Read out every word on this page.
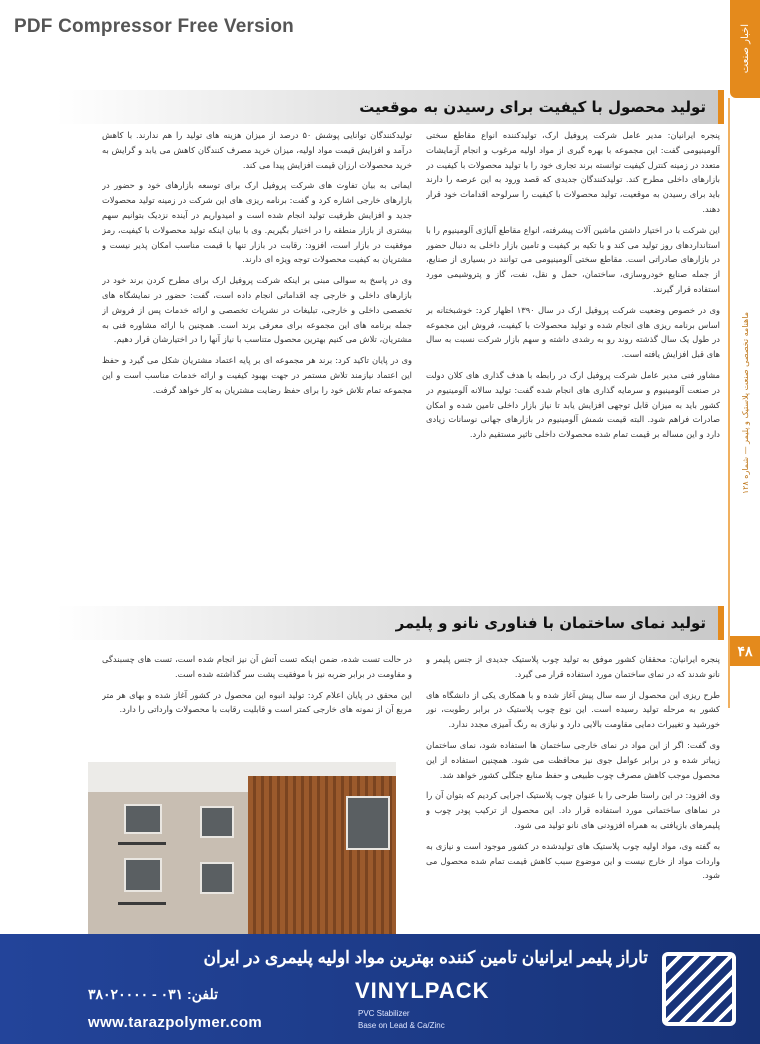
PDF Compressor Free Version	اخبار صنعت
ماهنامه تخصصی صنعت پلاستیک و پلیمر — شماره ۱۲۸
۴۸
تولید محصول با کیفیت برای رسیدن به موقعیت

پنجره ایرانیان: مدیر عامل شرکت پروفیل ارک، تولیدکننده انواع مقاطع سختی آلومینیومی گفت: این مجموعه با بهره گیری از مواد اولیه مرغوب و انجام آزمایشات متعدد در زمینه کنترل کیفیت توانسته برند تجاری خود را با تولید محصولات با کیفیت در بازارهای داخلی مطرح کند. تولیدکنندگان جدیدی که قصد ورود به این عرصه را دارند باید برای رسیدن به موقعیت، تولید محصولات با کیفیت را سرلوحه اقدامات خود قرار دهند.

این شرکت با در اختیار داشتن ماشین آلات پیشرفته، انواع مقاطع آلیاژی آلومینیوم را با استانداردهای روز تولید می کند و با تکیه بر کیفیت و تامین بازار داخلی به دنبال حضور در بازارهای صادراتی است. مقاطع سختی آلومینیومی می توانند در بسیاری از صنایع، از جمله صنایع خودروسازی، ساختمان، حمل و نقل، نفت، گاز و پتروشیمی مورد استفاده قرار گیرند.

وی در خصوص وضعیت شرکت پروفیل ارک در سال ۱۳۹۰ اظهار کرد: خوشبختانه بر اساس برنامه ریزی های انجام شده و تولید محصولات با کیفیت، فروش این مجموعه در طول یک سال گذشته روند رو به رشدی داشته و سهم بازار شرکت نسبت به سال های قبل افزایش یافته است.

مشاور فنی مدیر عامل شرکت پروفیل ارک در رابطه با هدف گذاری های کلان دولت در صنعت آلومینیوم و سرمایه گذاری های انجام شده گفت: تولید سالانه آلومینیوم در کشور باید به میزان قابل توجهی افزایش یابد تا نیاز بازار داخلی تامین شده و امکان صادرات فراهم شود. البته قیمت شمش آلومینیوم در بازارهای جهانی نوسانات زیادی دارد و این مساله بر قیمت تمام شده محصولات داخلی تاثیر مستقیم دارد.

تولیدکنندگان توانایی پوشش ۵۰ درصد از میزان هزینه های تولید را هم ندارند. با کاهش درآمد و افزایش قیمت مواد اولیه، میزان خرید مصرف کنندگان کاهش می یابد و گرایش به خرید محصولات ارزان قیمت افزایش پیدا می کند.

ایمانی به بیان تفاوت های شرکت پروفیل ارک برای توسعه بازارهای خود و حضور در بازارهای خارجی اشاره کرد و گفت: برنامه ریزی های این شرکت در زمینه تولید محصولات جدید و افزایش ظرفیت تولید انجام شده است و امیدواریم در آینده نزدیک بتوانیم سهم بیشتری از بازار منطقه را در اختیار بگیریم. وی با بیان اینکه تولید محصولات با کیفیت، رمز موفقیت در بازار است، افزود: رقابت در بازار تنها با قیمت مناسب امکان پذیر نیست و مشتریان به کیفیت محصولات توجه ویژه ای دارند.

وی در پاسخ به سوالی مبنی بر اینکه شرکت پروفیل ارک برای مطرح کردن برند خود در بازارهای داخلی و خارجی چه اقداماتی انجام داده است، گفت: حضور در نمایشگاه های تخصصی داخلی و خارجی، تبلیغات در نشریات تخصصی و ارائه خدمات پس از فروش از جمله برنامه های این مجموعه برای معرفی برند است. همچنین با ارائه مشاوره فنی به مشتریان، تلاش می کنیم بهترین محصول متناسب با نیاز آنها را در اختیارشان قرار دهیم.

وی در پایان تاکید کرد: برند هر مجموعه ای بر پایه اعتماد مشتریان شکل می گیرد و حفظ این اعتماد نیازمند تلاش مستمر در جهت بهبود کیفیت و ارائه خدمات مناسب است و این مجموعه تمام تلاش خود را برای حفظ رضایت مشتریان به کار خواهد گرفت.

تولید نمای ساختمان با فناوری نانو و پلیمر

پنجره ایرانیان: محققان کشور موفق به تولید چوب پلاستیک جدیدی از جنس پلیمر و نانو شدند که در نمای ساختمان مورد استفاده قرار می گیرد.

طرح ریزی این محصول از سه سال پیش آغاز شده و با همکاری یکی از دانشگاه های کشور به مرحله تولید رسیده است. این نوع چوب پلاستیک در برابر رطوبت، نور خورشید و تغییرات دمایی مقاومت بالایی دارد و نیازی به رنگ آمیزی مجدد ندارد.

وی گفت: اگر از این مواد در نمای خارجی ساختمان ها استفاده شود، نمای ساختمان زیباتر شده و در برابر عوامل جوی نیز محافظت می شود. همچنین استفاده از این محصول موجب کاهش مصرف چوب طبیعی و حفظ منابع جنگلی کشور خواهد شد.

وی افزود: در این راستا طرحی را با عنوان چوب پلاستیک اجرایی کردیم که بتوان آن را در نماهای ساختمانی مورد استفاده قرار داد. این محصول از ترکیب پودر چوب و پلیمرهای بازیافتی به همراه افزودنی های نانو تولید می شود.

به گفته وی، مواد اولیه چوب پلاستیک های تولیدشده در کشور موجود است و نیازی به واردات مواد از خارج نیست و این موضوع سبب کاهش قیمت تمام شده محصول می شود.

در حالت تست شده، ضمن اینکه تست آتش آن نیز انجام شده است، تست های چسبندگی و مقاومت در برابر ضربه نیز با موفقیت پشت سر گذاشته شده است.

این محقق در پایان اعلام کرد: تولید انبوه این محصول در کشور آغاز شده و بهای هر متر مربع آن از نمونه های خارجی کمتر است و قابلیت رقابت با محصولات وارداتی را دارد.

تاراز پلیمر ایرانیان تامین کننده بهترین مواد اولیه پلیمری در ایران
VINYLPACK
PVC Stabilizer
Base on Lead & Ca/Zinc
تلفن: ۰۳۱ - ۳۸۰۲۰۰۰۰
www.tarazpolymer.com
